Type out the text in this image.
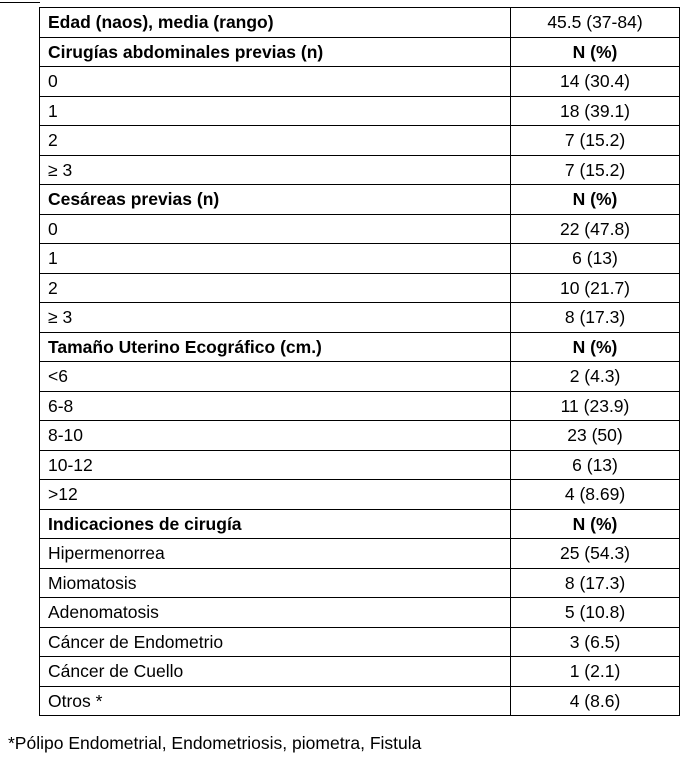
Edad (naos), media (rango)	45.5 (37-84)
Cirugías abdominales previas (n)	N (%)
0	14 (30.4)
1	18 (39.1)
2	7 (15.2)
≥ 3	7 (15.2)
Cesáreas previas (n)	N (%)
0	22 (47.8)
1	6 (13)
2	10 (21.7)
≥ 3	8 (17.3)
Tamaño Uterino Ecográfico (cm.)	N (%)
<6	2 (4.3)
6-8	11 (23.9)
8-10	23 (50)
10-12	6 (13)
>12	4 (8.69)
Indicaciones de cirugía	N (%)
Hipermenorrea	25 (54.3)
Miomatosis	8 (17.3)
Adenomatosis	5 (10.8)
Cáncer de Endometrio	3 (6.5)
Cáncer de Cuello	1 (2.1)
Otros *	4 (8.6)
*Pólipo Endometrial, Endometriosis, piometra, Fistula
